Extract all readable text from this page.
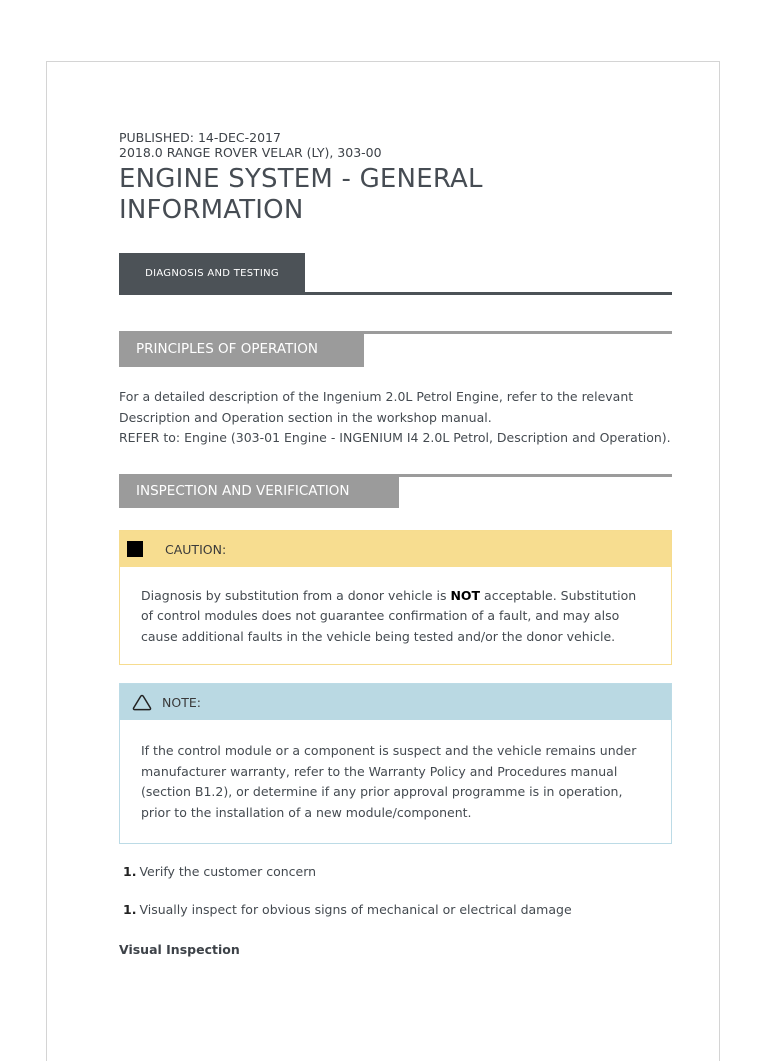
PUBLISHED: 14-DEC-2017
2018.0 RANGE ROVER VELAR (LY), 303-00
ENGINE SYSTEM - GENERAL INFORMATION
DIAGNOSIS AND TESTING
PRINCIPLES OF OPERATION
For a detailed description of the Ingenium 2.0L Petrol Engine, refer to the relevant Description and Operation section in the workshop manual.
REFER to: Engine (303-01 Engine - INGENIUM I4 2.0L Petrol, Description and Operation).
INSPECTION AND VERIFICATION
CAUTION:
Diagnosis by substitution from a donor vehicle is NOT acceptable. Substitution of control modules does not guarantee confirmation of a fault, and may also cause additional faults in the vehicle being tested and/or the donor vehicle.
NOTE:
If the control module or a component is suspect and the vehicle remains under manufacturer warranty, refer to the Warranty Policy and Procedures manual (section B1.2), or determine if any prior approval programme is in operation, prior to the installation of a new module/component.
1. Verify the customer concern
1. Visually inspect for obvious signs of mechanical or electrical damage
Visual Inspection
